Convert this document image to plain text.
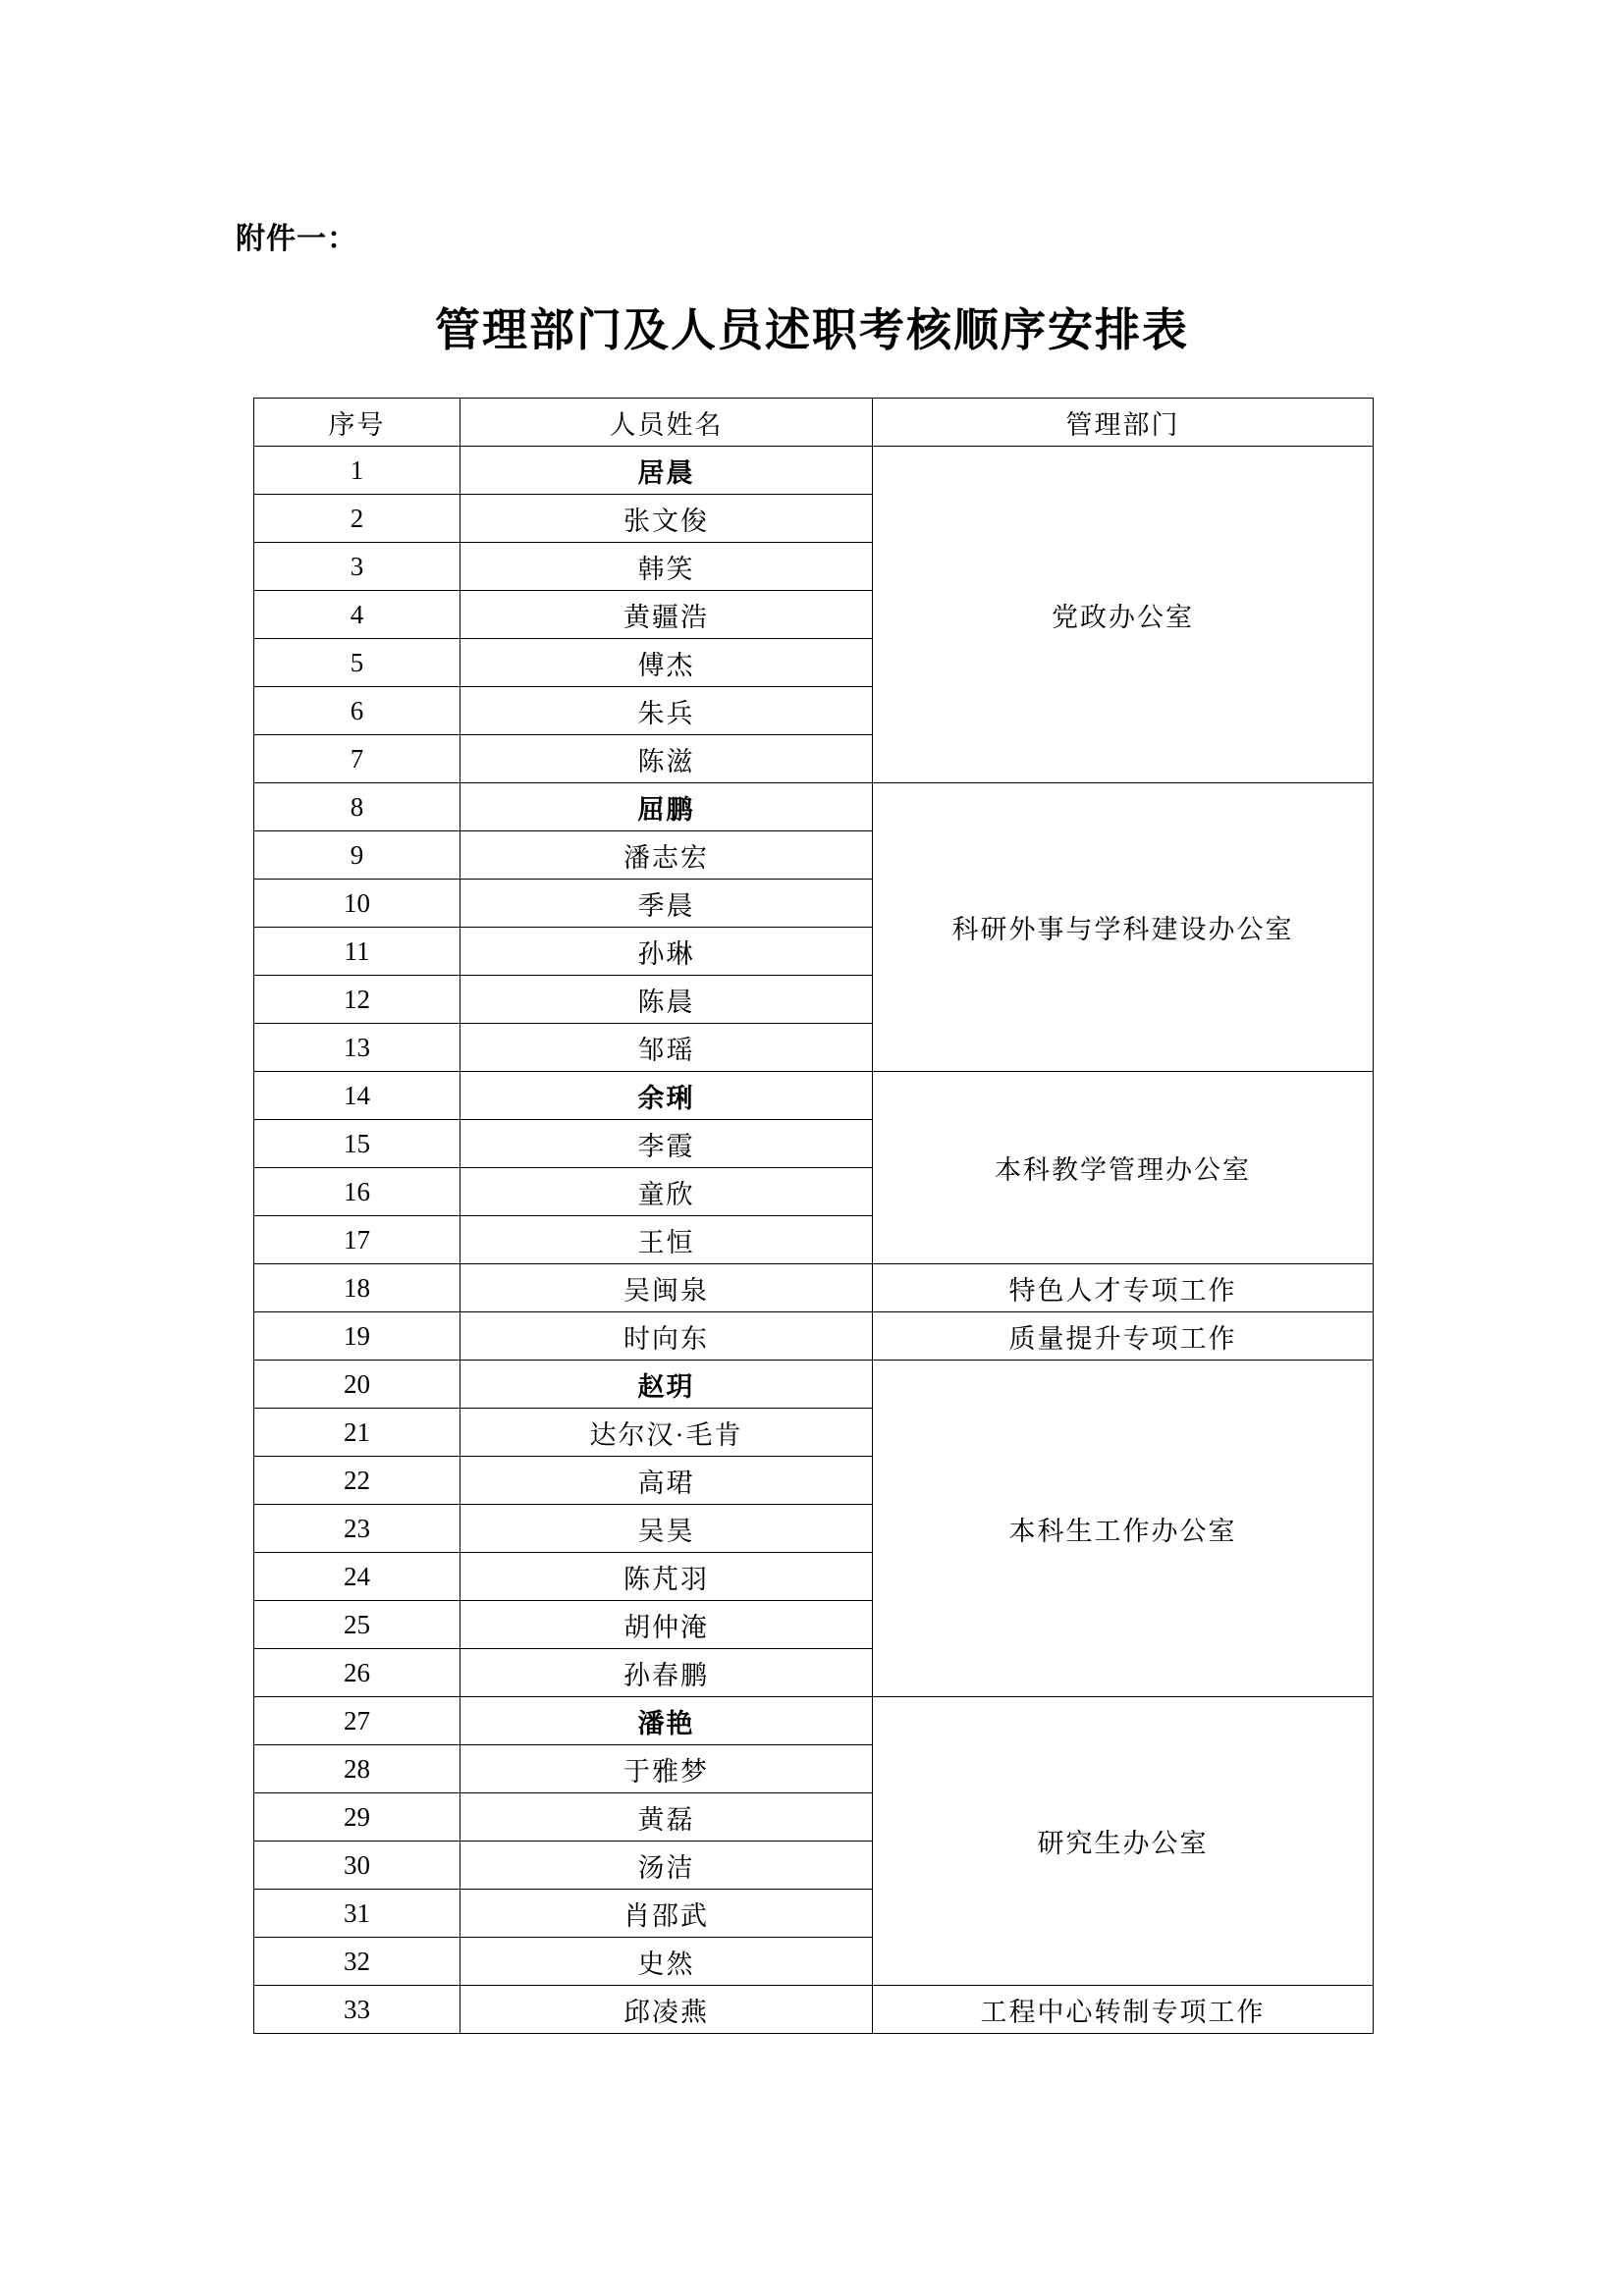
附件一：
管理部门及人员述职考核顺序安排表
序号	人员姓名	管理部门
1	居晨	党政办公室
2	张文俊	
3	韩笑	
4	黄疆浩	
5	傅杰	
6	朱兵	
7	陈滋	
8	屈鹏	科研外事与学科建设办公室
9	潘志宏	
10	季晨	
11	孙琳	
12	陈晨	
13	邹瑶	
14	余琍	本科教学管理办公室
15	李霞	
16	童欣	
17	王恒	
18	吴闽泉	特色人才专项工作
19	时向东	质量提升专项工作
20	赵玥	本科生工作办公室
21	达尔汉·毛肯	
22	高珺	
23	吴昊	
24	陈芃羽	
25	胡仲淹	
26	孙春鹏	
27	潘艳	研究生办公室
28	于雅梦	
29	黄磊	
30	汤洁	
31	肖邵武	
32	史然	
33	邱凌燕	工程中心转制专项工作
